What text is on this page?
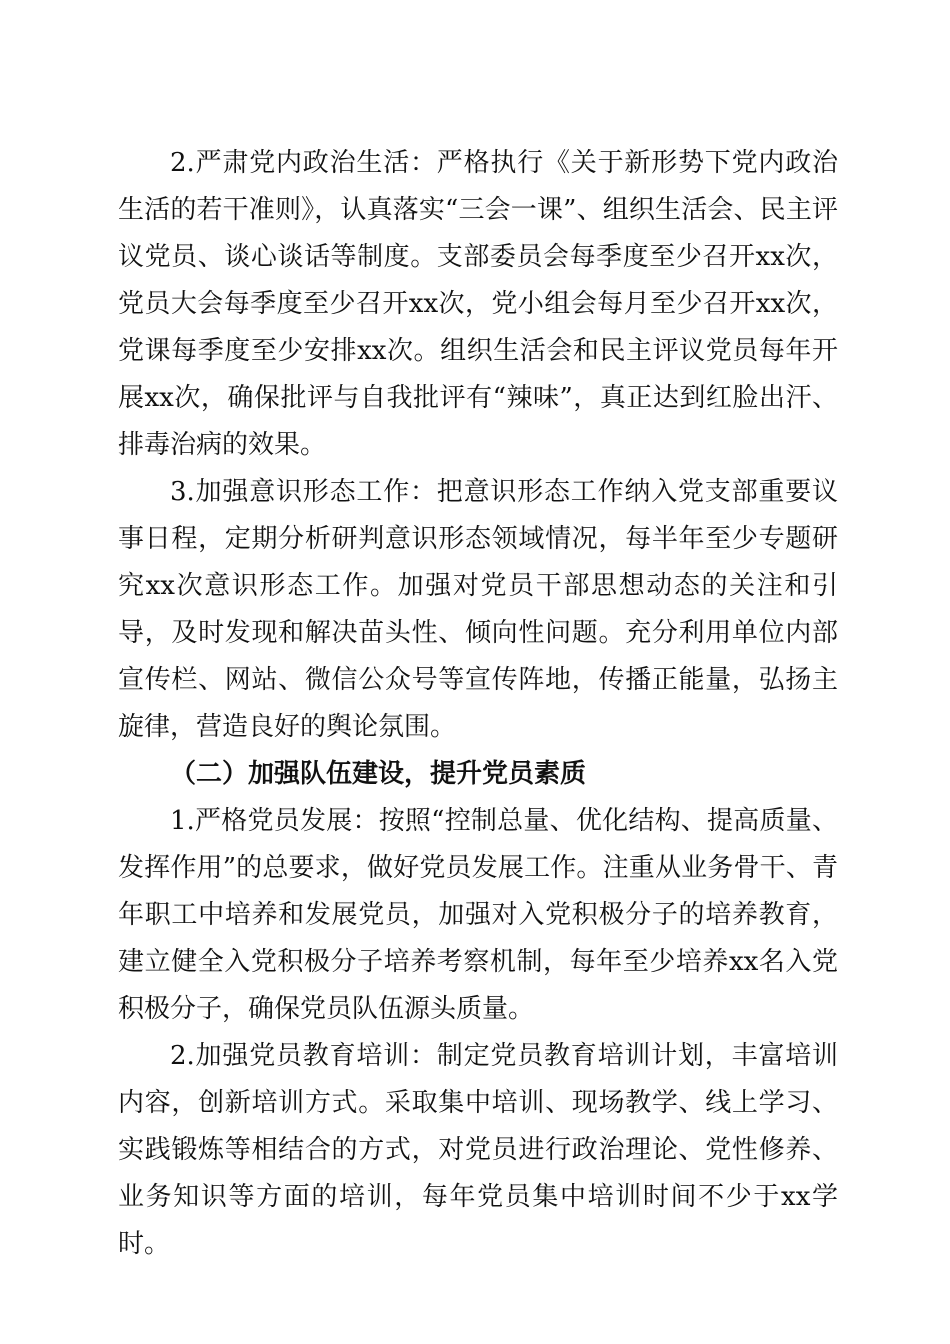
2.严肃党内政治生活：严格执行《关于新形势下党内政治生活的若干准则》，认真落实“三会一课”、组织生活会、民主评议党员、谈心谈话等制度。支部委员会每季度至少召开xx次，党员大会每季度至少召开xx次，党小组会每月至少召开xx次，党课每季度至少安排xx次。组织生活会和民主评议党员每年开展xx次，确保批评与自我批评有“辣味”，真正达到红脸出汗、排毒治病的效果。

3.加强意识形态工作：把意识形态工作纳入党支部重要议事日程，定期分析研判意识形态领域情况，每半年至少专题研究xx次意识形态工作。加强对党员干部思想动态的关注和引导，及时发现和解决苗头性、倾向性问题。充分利用单位内部宣传栏、网站、微信公众号等宣传阵地，传播正能量，弘扬主旋律，营造良好的舆论氛围。

（二）加强队伍建设，提升党员素质

1.严格党员发展：按照“控制总量、优化结构、提高质量、发挥作用”的总要求，做好党员发展工作。注重从业务骨干、青年职工中培养和发展党员，加强对入党积极分子的培养教育，建立健全入党积极分子培养考察机制，每年至少培养xx名入党积极分子，确保党员队伍源头质量。

2.加强党员教育培训：制定党员教育培训计划，丰富培训内容，创新培训方式。采取集中培训、现场教学、线上学习、实践锻炼等相结合的方式，对党员进行政治理论、党性修养、业务知识等方面的培训，每年党员集中培训时间不少于xx学时。
